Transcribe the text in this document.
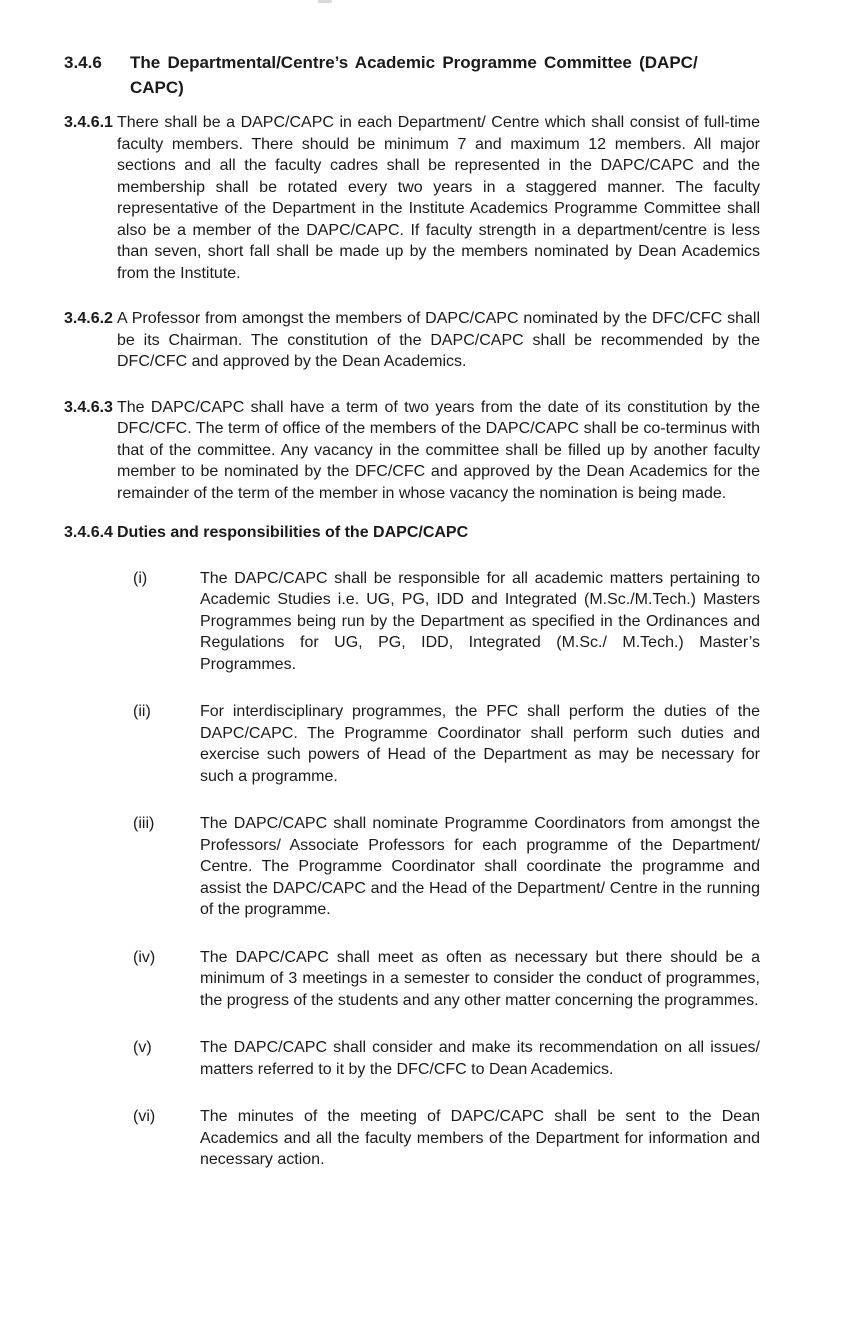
3.4.6	The Departmental/Centre’s Academic Programme Committee (DAPC/
CAPC)
3.4.6.1 There shall be a DAPC/CAPC in each Department/ Centre which shall consist of full-time faculty members. There should be minimum 7 and maximum 12 members. All major sections and all the faculty cadres shall be represented in the DAPC/CAPC and the membership shall be rotated every two years in a staggered manner. The faculty representative of the Department in the Institute Academics Programme Committee shall also be a member of the DAPC/CAPC. If faculty strength in a department/centre is less than seven, short fall shall be made up by the members nominated by Dean Academics from the Institute.
3.4.6.2 A Professor from amongst the members of DAPC/CAPC nominated by the DFC/CFC shall be its Chairman. The constitution of the DAPC/CAPC shall be recommended by the DFC/CFC and approved by the Dean Academics.
3.4.6.3 The DAPC/CAPC shall have a term of two years from the date of its constitution by the DFC/CFC. The term of office of the members of the DAPC/CAPC shall be co-terminus with that of the committee. Any vacancy in the committee shall be filled up by another faculty member to be nominated by the DFC/CFC and approved by the Dean Academics for the remainder of the term of the member in whose vacancy the nomination is being made.
3.4.6.4 Duties and responsibilities of the DAPC/CAPC
(i)	The DAPC/CAPC shall be responsible for all academic matters pertaining to Academic Studies i.e. UG, PG, IDD and Integrated (M.Sc./M.Tech.) Masters Programmes being run by the Department as specified in the Ordinances and Regulations for UG, PG, IDD, Integrated (M.Sc./ M.Tech.) Master’s Programmes.
(ii)	For interdisciplinary programmes, the PFC shall perform the duties of the DAPC/CAPC. The Programme Coordinator shall perform such duties and exercise such powers of Head of the Department as may be necessary for such a programme.
(iii)	The DAPC/CAPC shall nominate Programme Coordinators from amongst the Professors/ Associate Professors for each programme of the Department/ Centre. The Programme Coordinator shall coordinate the programme and assist the DAPC/CAPC and the Head of the Department/ Centre in the running of the programme.
(iv)	The DAPC/CAPC shall meet as often as necessary but there should be a minimum of 3 meetings in a semester to consider the conduct of programmes, the progress of the students and any other matter concerning the programmes.
(v)	The DAPC/CAPC shall consider and make its recommendation on all issues/ matters referred to it by the DFC/CFC to Dean Academics.
(vi)	The minutes of the meeting of DAPC/CAPC shall be sent to the Dean Academics and all the faculty members of the Department for information and necessary action.
